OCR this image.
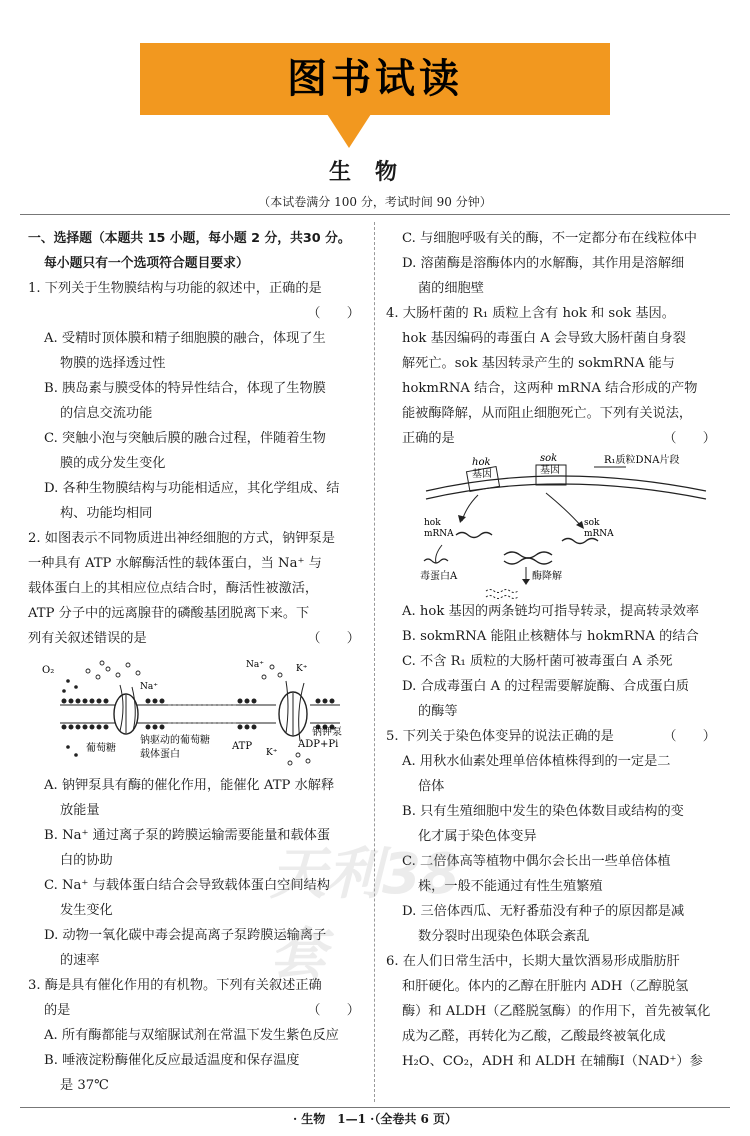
图书试读
生物
（本试卷满分 100 分，考试时间 90 分钟）
一、选择题（本题共 15 小题，每小题 2 分，共30 分。
每小题只有一个选项符合题目要求）
1. 下列关于生物膜结构与功能的叙述中，正确的是
（　　）
A. 受精时顶体膜和精子细胞膜的融合，体现了生
物膜的选择透过性
B. 胰岛素与膜受体的特异性结合，体现了生物膜
的信息交流功能
C. 突触小泡与突触后膜的融合过程，伴随着生物
膜的成分发生变化
D. 各种生物膜结构与功能相适应，其化学组成、结
构、功能均相同
2. 如图表示不同物质进出神经细胞的方式，钠钾泵是
一种具有 ATP 水解酶活性的载体蛋白，当 Na⁺ 与
载体蛋白上的其相应位点结合时，酶活性被激活，
ATP 分子中的远离腺苷的磷酸基团脱离下来。下
列有关叙述错误的是	（　　）
O₂
Na⁺
Na⁺	K⁺
K⁺
葡萄糖
钠驱动的葡萄糖
载体蛋白
ATP
钠钾泵
ADP+Pi
A. 钠钾泵具有酶的催化作用，能催化 ATP 水解释
放能量
B. Na⁺ 通过离子泵的跨膜运输需要能量和载体蛋
白的协助
C. Na⁺ 与载体蛋白结合会导致载体蛋白空间结构
发生变化
D. 动物一氧化碳中毒会提高离子泵跨膜运输离子
的速率
3. 酶是具有催化作用的有机物。下列有关叙述正确
的是	（　　）
A. 所有酶都能与双缩脲试剂在常温下发生紫色反应
B. 唾液淀粉酶催化反应最适温度和保存温度
是 37℃
C. 与细胞呼吸有关的酶，不一定都分布在线粒体中
D. 溶菌酶是溶酶体内的水解酶，其作用是溶解细
菌的细胞壁
4. 大肠杆菌的 R₁ 质粒上含有 hok 和 sok 基因。
hok 基因编码的毒蛋白 A 会导致大肠杆菌自身裂
解死亡。sok 基因转录产生的 sokmRNA 能与
hokmRNA 结合，这两种 mRNA 结合形成的产物
能被酶降解，从而阻止细胞死亡。下列有关说法，
正确的是	（　　）
hok
基因
sok
基因
R₁质粒DNA片段
hok
mRNA
sok
mRNA
毒蛋白A	酶降解
A. hok 基因的两条链均可指导转录，提高转录效率
B. sokmRNA 能阻止核糖体与 hokmRNA 的结合
C. 不含 R₁ 质粒的大肠杆菌可被毒蛋白 A 杀死
D. 合成毒蛋白 A 的过程需要解旋酶、合成蛋白质
的酶等
5. 下列关于染色体变异的说法正确的是	（　　）
A. 用秋水仙素处理单倍体植株得到的一定是二
倍体
B. 只有生殖细胞中发生的染色体数目或结构的变
化才属于染色体变异
C. 二倍体高等植物中偶尔会长出一些单倍体植
株，一般不能通过有性生殖繁殖
D. 三倍体西瓜、无籽番茄没有种子的原因都是减
数分裂时出现染色体联会紊乱
6. 在人们日常生活中，长期大量饮酒易形成脂肪肝
和肝硬化。体内的乙醇在肝脏内 ADH（乙醇脱氢
酶）和 ALDH（乙醛脱氢酶）的作用下，首先被氧化
成为乙醛，再转化为乙酸，乙酸最终被氧化成
H₂O、CO₂，ADH 和 ALDH 在辅酶Ⅰ（NAD⁺）参
天利38套
· 生物　1—1 ·（全卷共 6 页）
